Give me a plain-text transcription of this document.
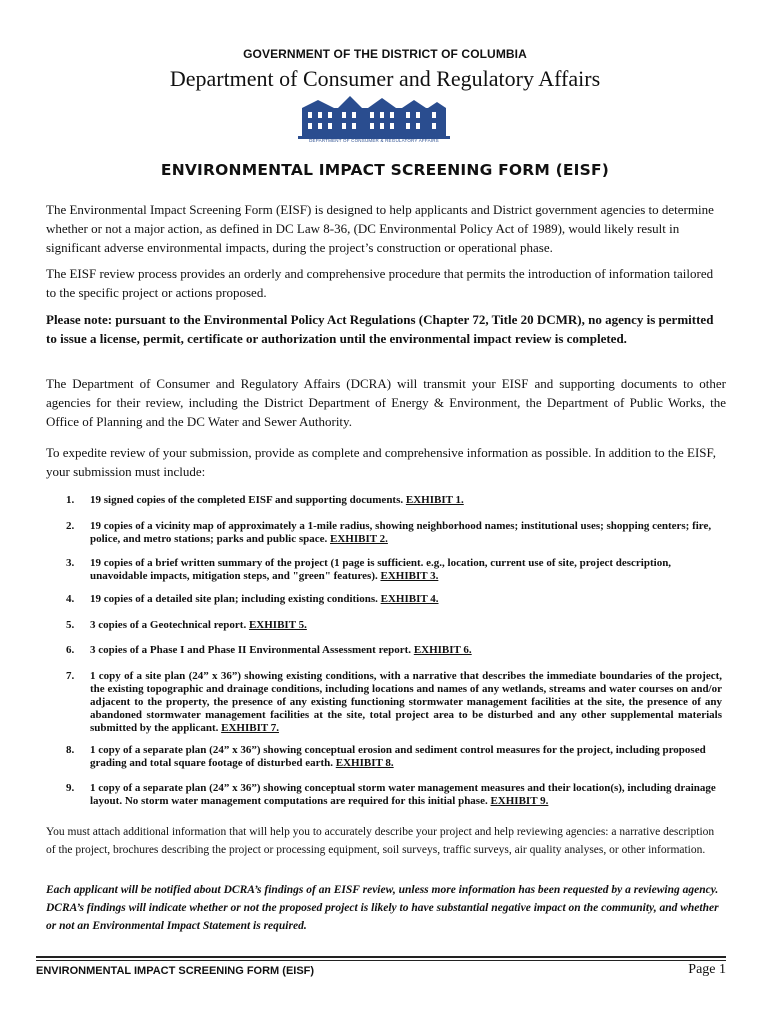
GOVERNMENT OF THE DISTRICT OF COLUMBIA
Department of Consumer and Regulatory Affairs
DEPARTMENT OF CONSUMER & REGULATORY AFFAIRS
ENVIRONMENTAL IMPACT SCREENING FORM (EISF)
The Environmental Impact Screening Form (EISF) is designed to help applicants and District government agencies to determine whether or not a major action, as defined in DC Law 8-36, (DC Environmental Policy Act of 1989), would likely result in significant adverse environmental impacts, during the project’s construction or operational phase.
The EISF review process provides an orderly and comprehensive procedure that permits the introduction of information tailored to the specific project or actions proposed.
Please note: pursuant to the Environmental Policy Act Regulations (Chapter 72, Title 20 DCMR), no agency is permitted to issue a license, permit, certificate or authorization until the environmental impact review is completed.
The Department of Consumer and Regulatory Affairs (DCRA) will transmit your EISF and supporting documents to other agencies for their review, including the District Department of Energy & Environment, the Department of Public Works, the Office of Planning and the DC Water and Sewer Authority.
To expedite review of your submission, provide as complete and comprehensive information as possible. In addition to the EISF, your submission must include:
1.	19 signed copies of the completed EISF and supporting documents. EXHIBIT 1.
2.	19 copies of a vicinity map of approximately a 1-mile radius, showing neighborhood names; institutional uses; shopping centers; fire, police, and metro stations; parks and public space. EXHIBIT 2.
3.	19 copies of a brief written summary of the project (1 page is sufficient. e.g., location, current use of site, project description, unavoidable impacts, mitigation steps, and "green" features). EXHIBIT 3.
4.	19 copies of a detailed site plan; including existing conditions. EXHIBIT 4.
5.	3 copies of a Geotechnical report. EXHIBIT 5.
6.	3 copies of a Phase I and Phase II Environmental Assessment report. EXHIBIT 6.
7.	1 copy of a site plan (24” x 36”) showing existing conditions, with a narrative that describes the immediate boundaries of the project, the existing topographic and drainage conditions, including locations and names of any wetlands, streams and water courses on and/or adjacent to the property, the presence of any existing functioning stormwater management facilities at the site, the presence of any abandoned stormwater management facilities at the site, total project area to be disturbed and any other supplemental materials submitted by the applicant. EXHIBIT 7.
8.	1 copy of a separate plan (24” x 36”) showing conceptual erosion and sediment control measures for the project, including proposed grading and total square footage of disturbed earth. EXHIBIT 8.
9.	1 copy of a separate plan (24” x 36”) showing conceptual storm water management measures and their location(s), including drainage layout. No storm water management computations are required for this initial phase. EXHIBIT 9.
You must attach additional information that will help you to accurately describe your project and help reviewing agencies: a narrative description of the project, brochures describing the project or processing equipment, soil surveys, traffic surveys, air quality analyses, or other information.
Each applicant will be notified about DCRA’s findings of an EISF review, unless more information has been requested by a reviewing agency. DCRA’s findings will indicate whether or not the proposed project is likely to have substantial negative impact on the community, and whether or not an Environmental Impact Statement is required.
ENVIRONMENTAL IMPACT SCREENING FORM (EISF)	Page 1
